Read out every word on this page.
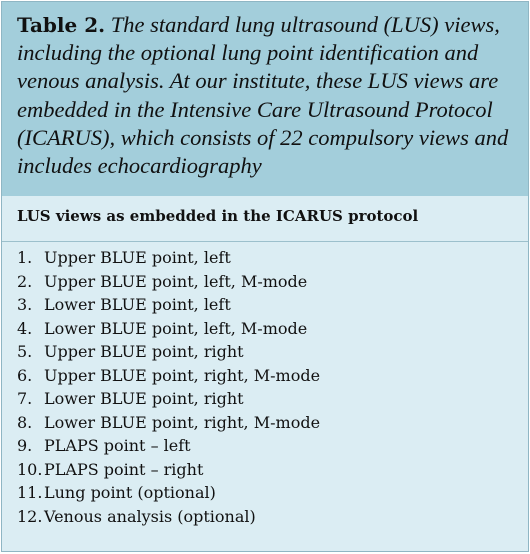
Table 2. The standard lung ultrasound (LUS) views, including the optional lung point identification and venous analysis. At our institute, these LUS views are embedded in the Intensive Care Ultrasound Protocol (ICARUS), which consists of 22 compulsory views and includes echocardiography
LUS views as embedded in the ICARUS protocol
1. Upper BLUE point, left
2. Upper BLUE point, left, M-mode
3. Lower BLUE point, left
4. Lower BLUE point, left, M-mode
5. Upper BLUE point, right
6. Upper BLUE point, right, M-mode
7. Lower BLUE point, right
8. Lower BLUE point, right, M-mode
9. PLAPS point – left
10. PLAPS point – right
11. Lung point (optional)
12. Venous analysis (optional)
